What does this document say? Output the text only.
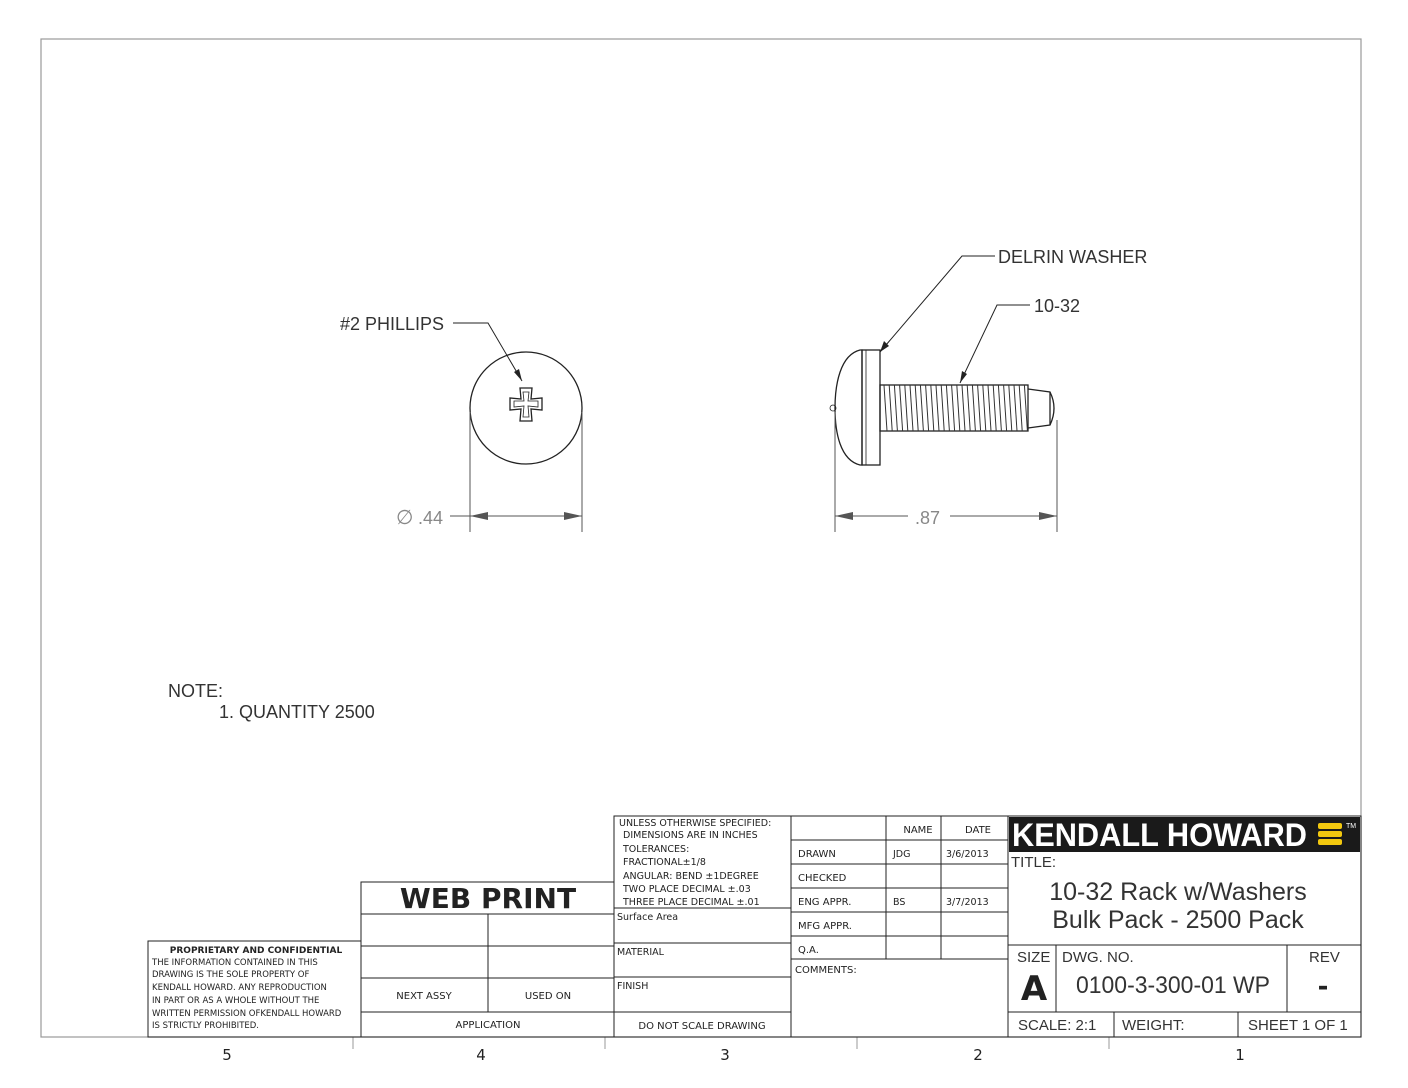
5	4	3	2	1
#2 PHILLIPS
∅ .44
DELRIN WASHER
10-32
.87
NOTE:
1. QUANTITY 2500
PROPRIETARY AND CONFIDENTIAL
THE INFORMATION CONTAINED IN THIS
DRAWING IS THE SOLE PROPERTY OF
KENDALL HOWARD. ANY REPRODUCTION
IN PART OR AS A WHOLE WITHOUT THE
WRITTEN PERMISSION OFKENDALL HOWARD
IS STRICTLY PROHIBITED.
WEB PRINT
NEXT ASSY	USED ON
APPLICATION
UNLESS OTHERWISE SPECIFIED:
DIMENSIONS ARE IN INCHES
TOLERANCES:
FRACTIONAL±1/8
ANGULAR: BEND ±1DEGREE
TWO PLACE DECIMAL ±.03
THREE PLACE DECIMAL ±.01
Surface Area
MATERIAL
FINISH
DO NOT SCALE DRAWING
NAME	DATE
DRAWN	JDG	3/6/2013
CHECKED
ENG APPR.	BS	3/7/2013
MFG APPR.
Q.A.
COMMENTS:
KENDALL HOWARD	TM
TITLE:
10-32 Rack w/Washers
Bulk Pack - 2500 Pack
SIZE
A
DWG. NO.
0100-3-300-01 WP
REV
-
SCALE: 2:1 WEIGHT:	SHEET 1 OF 1
